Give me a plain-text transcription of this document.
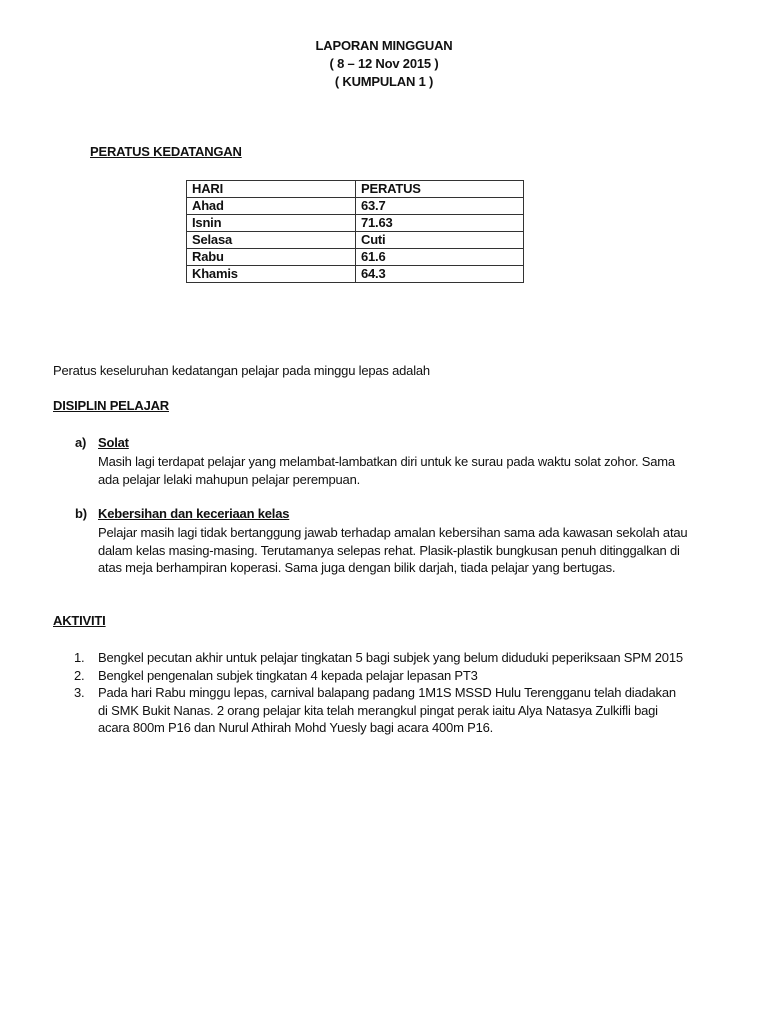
LAPORAN MINGGUAN
( 8 – 12 Nov 2015 )
( KUMPULAN 1 )
PERATUS KEDATANGAN
HARI	PERATUS
Ahad	63.7
Isnin	71.63
Selasa	Cuti
Rabu	61.6
Khamis	64.3
Peratus keseluruhan kedatangan pelajar pada minggu lepas adalah
DISIPLIN PELAJAR
a) Solat
Masih lagi terdapat pelajar yang melambat-lambatkan diri untuk ke surau pada waktu solat zohor. Sama ada pelajar lelaki mahupun pelajar perempuan.
b) Kebersihan dan keceriaan kelas
Pelajar masih lagi tidak bertanggung jawab terhadap amalan kebersihan sama ada kawasan sekolah atau dalam kelas masing-masing. Terutamanya selepas rehat. Plasik-plastik bungkusan penuh ditinggalkan di atas meja berhampiran koperasi. Sama juga dengan bilik darjah, tiada pelajar yang bertugas.
AKTIVITI
1. Bengkel pecutan akhir untuk pelajar tingkatan 5 bagi subjek yang belum diduduki peperiksaan SPM 2015
2. Bengkel pengenalan subjek tingkatan 4 kepada pelajar lepasan PT3
3. Pada hari Rabu minggu lepas, carnival balapang padang 1M1S MSSD Hulu Terengganu telah diadakan di SMK Bukit Nanas. 2 orang pelajar kita telah merangkul pingat perak iaitu Alya Natasya Zulkifli bagi acara 800m P16 dan Nurul Athirah Mohd Yuesly bagi acara 400m P16.
